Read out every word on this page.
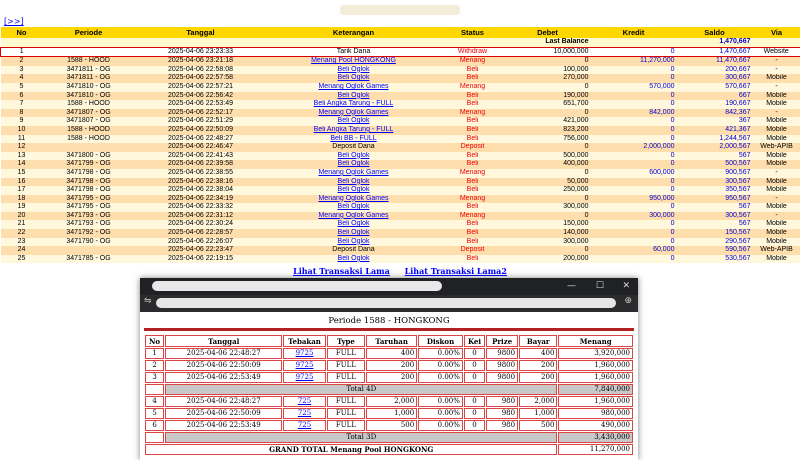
[>>]
No	Periode	Tanggal	Keterangan	Status	Debet	Kredit	Saldo	Via
Last Balance							1,470,667	
1		2025-04-06 23:23:33	Tarik Dana	Withdraw	10,000,000	0	1,470,667	Website
2	1588 - HOOD	2025-04-06 23:21:18	Menang Pool HONGKONG	Menang	0	11,270,000	11,470,667	-
3	3471811 - OG	2025-04-06 22:58:08	Beli Oglok	Beli	100,000	0	200,667	-
4	3471811 - OG	2025-04-06 22:57:58	Beli Oglok	Beli	270,000	0	300,667	Mobile
5	3471810 - OG	2025-04-06 22:57:21	Menang Oglok Games	Menang	0	570,000	570,667	-
6	3471810 - OG	2025-04-06 22:56:42	Beli Oglok	Beli	190,000	0	667	Mobile
7	1588 - HOOD	2025-04-06 22:53:49	Beli Angka Tarung - FULL	Beli	651,700	0	190,667	Mobile
8	3471807 - OG	2025-04-06 22:52:17	Menang Oglok Games	Menang	0	842,000	842,367	-
9	3471807 - OG	2025-04-06 22:51:29	Beli Oglok	Beli	421,000	0	367	Mobile
10	1588 - HOOD	2025-04-06 22:50:09	Beli Angka Tarung - FULL	Beli	823,200	0	421,367	Mobile
11	1588 - HOOD	2025-04-06 22:48:27	Beli BB - FULL	Beli	756,000	0	1,244,567	Mobile
12		2025-04-06 22:46:47	Deposit Dana	Deposit	0	2,000,000	2,000,567	Web-APIB
13	3471800 - OG	2025-04-06 22:41:43	Beli Oglok	Beli	500,000	0	567	Mobile
14	3471799 - OG	2025-04-06 22:39:58	Beli Oglok	Beli	400,000	0	500,567	Mobile
15	3471798 - OG	2025-04-06 22:38:55	Menang Oglok Games	Menang	0	600,000	900,567	-
16	3471798 - OG	2025-04-06 22:38:16	Beli Oglok	Beli	50,000	0	300,567	Mobile
17	3471798 - OG	2025-04-06 22:38:04	Beli Oglok	Beli	250,000	0	350,567	Mobile
18	3471795 - OG	2025-04-06 22:34:19	Menang Oglok Games	Menang	0	950,000	950,567	-
19	3471795 - OG	2025-04-06 22:33:32	Beli Oglok	Beli	300,000	0	567	Mobile
20	3471793 - OG	2025-04-06 22:31:12	Menang Oglok Games	Menang	0	300,000	300,567	-
21	3471793 - OG	2025-04-06 22:30:24	Beli Oglok	Beli	150,000	0	567	Mobile
22	3471792 - OG	2025-04-06 22:28:57	Beli Oglok	Beli	140,000	0	150,567	Mobile
23	3471790 - OG	2025-04-06 22:26:07	Beli Oglok	Beli	300,000	0	290,567	Mobile
24		2025-04-06 22:23:47	Deposit Dana	Deposit	0	60,000	590,567	Web-APIB
25	3471785 - OG	2025-04-06 22:19:15	Beli Oglok	Beli	200,000	0	530,567	Mobile
Lihat Transaksi Lama Lihat Transaksi Lama2
— ☐ ✕
⇋	⊕
Periode 1588 - HONGKONG
No	Tanggal	Tebakan	Type	Taruhan	Diskon	Kei	Prize	Bayar	Menang
1	2025-04-06 22:48:27	9725	FULL	400	0.00%	0	9800	400	3,920,000
2	2025-04-06 22:50:09	9725	FULL	200	0.00%	0	9800	200	1,960,000
3	2025-04-06 22:53:49	9725	FULL	200	0.00%	0	9800	200	1,960,000
	Total 4D								7,840,000
4	2025-04-06 22:48:27	725	FULL	2,000	0.00%	0	980	2,000	1,960,000
5	2025-04-06 22:50:09	725	FULL	1,000	0.00%	0	980	1,000	980,000
6	2025-04-06 22:53:49	725	FULL	500	0.00%	0	980	500	490,000
	Total 3D								3,430,000
GRAND TOTAL Menang Pool HONGKONG									11,270,000
